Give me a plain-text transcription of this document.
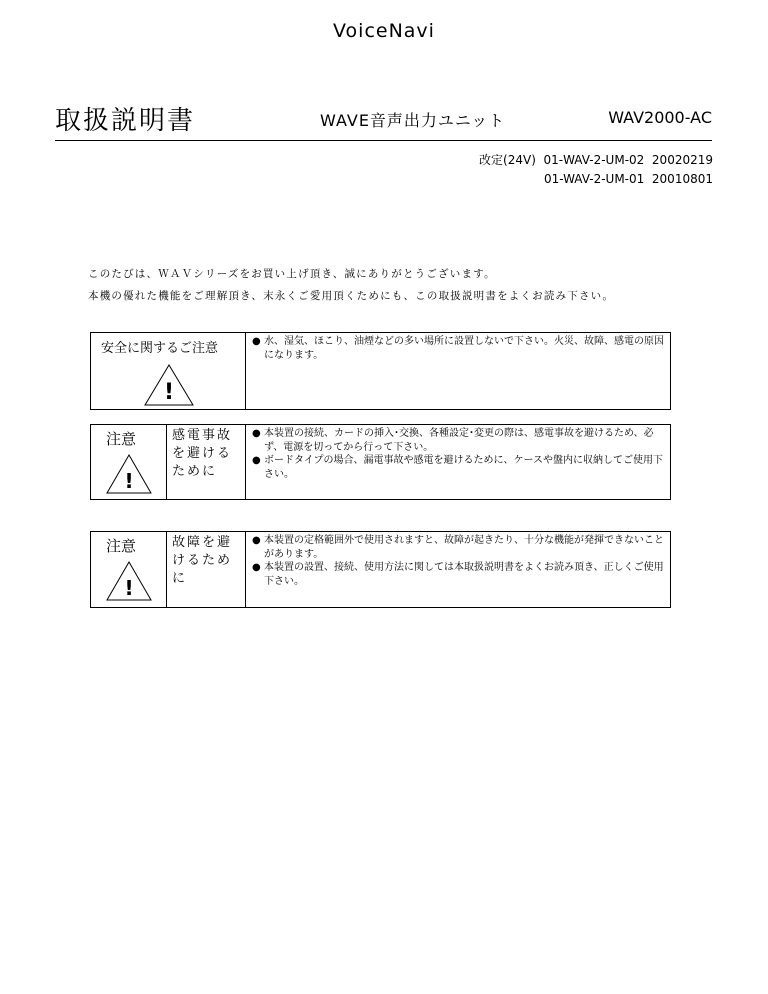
VoiceNavi
取扱説明書	WAVE音声出力ユニット	WAV2000-AC
改定(24V)  01-WAV-2-UM-02  20020219
01-WAV-2-UM-01  20010801

このたびは、ＷＡＶシリーズをお買い上げ頂き、誠にありがとうございます。

本機の優れた機能をご理解頂き、末永くご愛用頂くためにも、この取扱説明書をよくお読み下さい。

安全に関するご注意
!
● 水、湿気、ほこり、油煙などの多い場所に設置しないで下さい。火災、故障、感電の原因になります。
注意
!
感電事故を避けるために
● 本装置の接続、カードの挿入･交換、各種設定･変更の際は、感電事故を避けるため、必ず、電源を切ってから行って下さい。
● ボードタイプの場合、漏電事故や感電を避けるために、ケースや盤内に収納してご使用下さい。
注意
!
故障を避けるために
● 本装置の定格範囲外で使用されますと、故障が起きたり、十分な機能が発揮できないことがあります。
● 本装置の設置、接続、使用方法に関しては本取扱説明書をよくお読み頂き、正しくご使用下さい。
